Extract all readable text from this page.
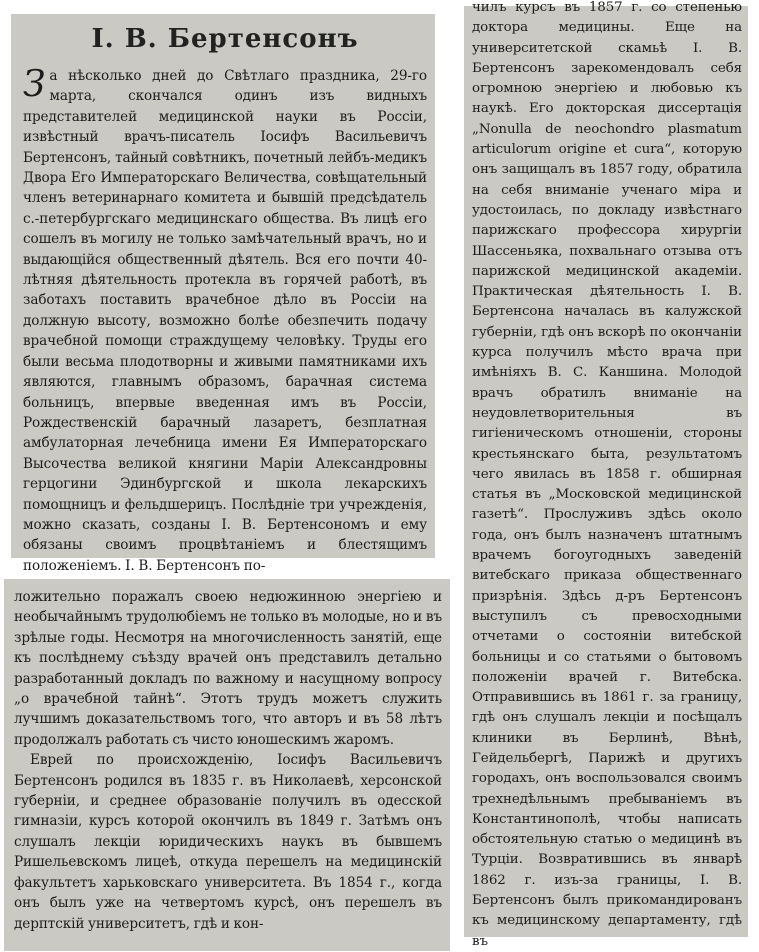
І. В. Бертенсонъ

За нѣсколько дней до Свѣтлаго праздника, 29-го марта, скончался одинъ изъ видныхъ представителей медицинской науки въ Россіи, извѣстный врачъ-писатель Іосифъ Васильевичъ Бертенсонъ, тайный совѣтникъ, почетный лейбъ-медикъ Двора Его Императорскаго Величества, совѣщательный членъ ветеринарнаго комитета и бывшій предсѣдатель с.-петербургскаго медицинскаго общества. Въ лицѣ его сошелъ въ могилу не только замѣчательный врачъ, но и выдающійся общественный дѣятель. Вся его почти 40-лѣтняя дѣятельность протекла въ горячей работѣ, въ заботахъ поставить врачебное дѣло въ Россіи на должную высоту, возможно болѣе обезпечить подачу врачебной помощи страждущему человѣку. Труды его были весьма плодотворны и живыми памятниками ихъ являются, главнымъ образомъ, барачная система больницъ, впервые введенная имъ въ Россіи, Рождественскій барачный лазаретъ, безплатная амбулаторная лечебница имени Ея Императорскаго Высочества великой княгини Маріи Александровны герцогини Эдинбургской и школа лекарскихъ помощницъ и фельдшерицъ. Послѣдніе три учрежденія, можно сказать, созданы І. В. Бертенсономъ и ему обязаны своимъ процвѣтаніемъ и блестящимъ положеніемъ. І. В. Бертенсонъ по-

ложительно поражалъ своею недюжинною энергіею и необычайнымъ трудолюбіемъ не только въ молодые, но и въ зрѣлые годы. Несмотря на многочисленность занятій, еще къ послѣднему съѣзду врачей онъ представилъ детально разработанный докладъ по важному и насущному вопросу „о врачебной тайнѣ“. Этотъ трудъ можетъ служить лучшимъ доказательствомъ того, что авторъ и въ 58 лѣтъ продолжалъ работать съ чисто юношескимъ жаромъ.

Еврей по происхожденію, Іосифъ Васильевичъ Бертенсонъ родился въ 1835 г. въ Николаевѣ, херсонской губерніи, и среднее образованіе получилъ въ одесской гимназіи, курсъ которой окончилъ въ 1849 г. Затѣмъ онъ слушалъ лекціи юридическихъ наукъ въ бывшемъ Ришельевскомъ лицеѣ, откуда перешелъ на медицинскій факультетъ харьковскаго университета. Въ 1854 г., когда онъ былъ уже на четвертомъ курсѣ, онъ перешелъ въ дерптскій университетъ, гдѣ и кон-

чилъ курсъ въ 1857 г. со степенью доктора медицины. Еще на университетской скамьѣ І. В. Бертенсонъ зарекомендовалъ себя огромною энергіею и любовью къ наукѣ. Его докторская диссертація „Nonulla de neochondro plasmatum articulorum origine et cura“, которую онъ защищалъ въ 1857 году, обратила на себя вниманіе ученаго міра и удостоилась, по докладу извѣстнаго парижскаго профессора хирургіи Шассеньяка, похвальнаго отзыва отъ парижской медицинской академіи. Практическая дѣятельность І. В. Бертенсона началась въ калужской губерніи, гдѣ онъ вскорѣ по окончаніи курса получилъ мѣсто врача при имѣніяхъ В. С. Каншина. Молодой врачъ обратилъ вниманіе на неудовлетворительныя въ гигіеническомъ отношеніи, стороны крестьянскаго быта, результатомъ чего явилась въ 1858 г. обширная статья въ „Московской медицинской газетѣ“. Прослуживъ здѣсь около года, онъ былъ назначенъ штатнымъ врачемъ богоугодныхъ заведеній витебскаго приказа общественнаго призрѣнія. Здѣсь д-ръ Бертенсонъ выступилъ съ превосходными отчетами о состояніи витебской больницы и со статьями о бытовомъ положеніи врачей г. Витебска. Отправившись въ 1861 г. за границу, гдѣ онъ слушалъ лекціи и посѣщалъ клиники въ Берлинѣ, Вѣнѣ, Гейдельбергѣ, Парижѣ и другихъ городахъ, онъ воспользовался своимъ трехнедѣльнымъ пребываніемъ въ Константинополѣ, чтобы написать обстоятельную статью о медицинѣ въ Турціи. Возвратившись въ январѣ 1862 г. изъ-за границы, І. В. Бертенсонъ былъ прикомандированъ къ медицинскому департаменту, гдѣ въ
